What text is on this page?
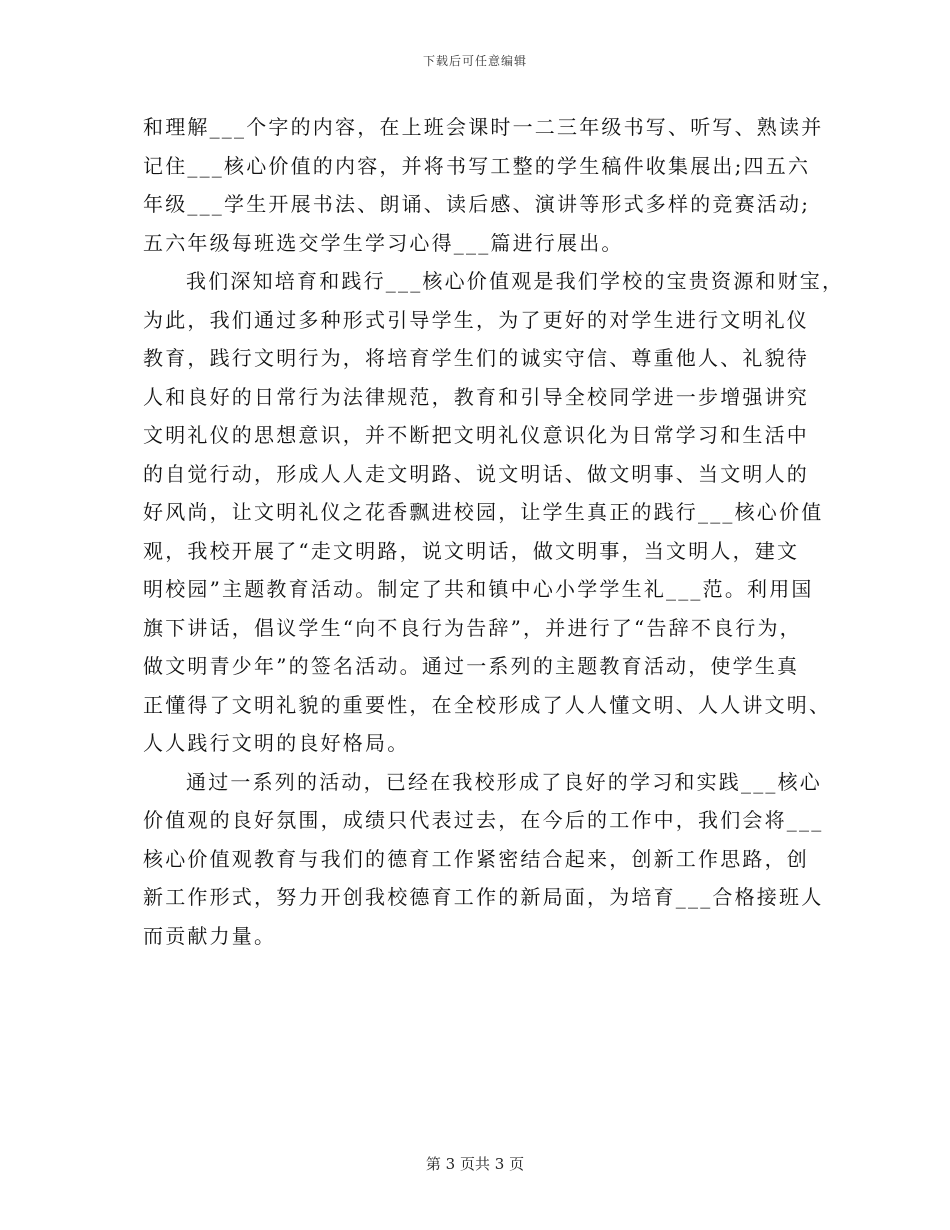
下载后可任意编辑
和理解___个字的内容，在上班会课时一二三年级书写、听写、熟读并
记住___核心价值的内容，并将书写工整的学生稿件收集展出;四五六
年级___学生开展书法、朗诵、读后感、演讲等形式多样的竞赛活动;
五六年级每班选交学生学习心得___篇进行展出。
我们深知培育和践行___核心价值观是我们学校的宝贵资源和财宝，
为此，我们通过多种形式引导学生，为了更好的对学生进行文明礼仪
教育，践行文明行为，将培育学生们的诚实守信、尊重他人、礼貌待
人和良好的日常行为法律规范，教育和引导全校同学进一步增强讲究
文明礼仪的思想意识，并不断把文明礼仪意识化为日常学习和生活中
的自觉行动，形成人人走文明路、说文明话、做文明事、当文明人的
好风尚，让文明礼仪之花香飘进校园，让学生真正的践行___核心价值
观，我校开展了“走文明路，说文明话，做文明事，当文明人，建文
明校园”主题教育活动。制定了共和镇中心小学学生礼___范。利用国
旗下讲话，倡议学生“向不良行为告辞”，并进行了“告辞不良行为，
做文明青少年”的签名活动。通过一系列的主题教育活动，使学生真
正懂得了文明礼貌的重要性，在全校形成了人人懂文明、人人讲文明、
人人践行文明的良好格局。
通过一系列的活动，已经在我校形成了良好的学习和实践___核心
价值观的良好氛围，成绩只代表过去，在今后的工作中，我们会将___
核心价值观教育与我们的德育工作紧密结合起来，创新工作思路，创
新工作形式，努力开创我校德育工作的新局面，为培育___合格接班人
而贡献力量。
第 3 页共 3 页
